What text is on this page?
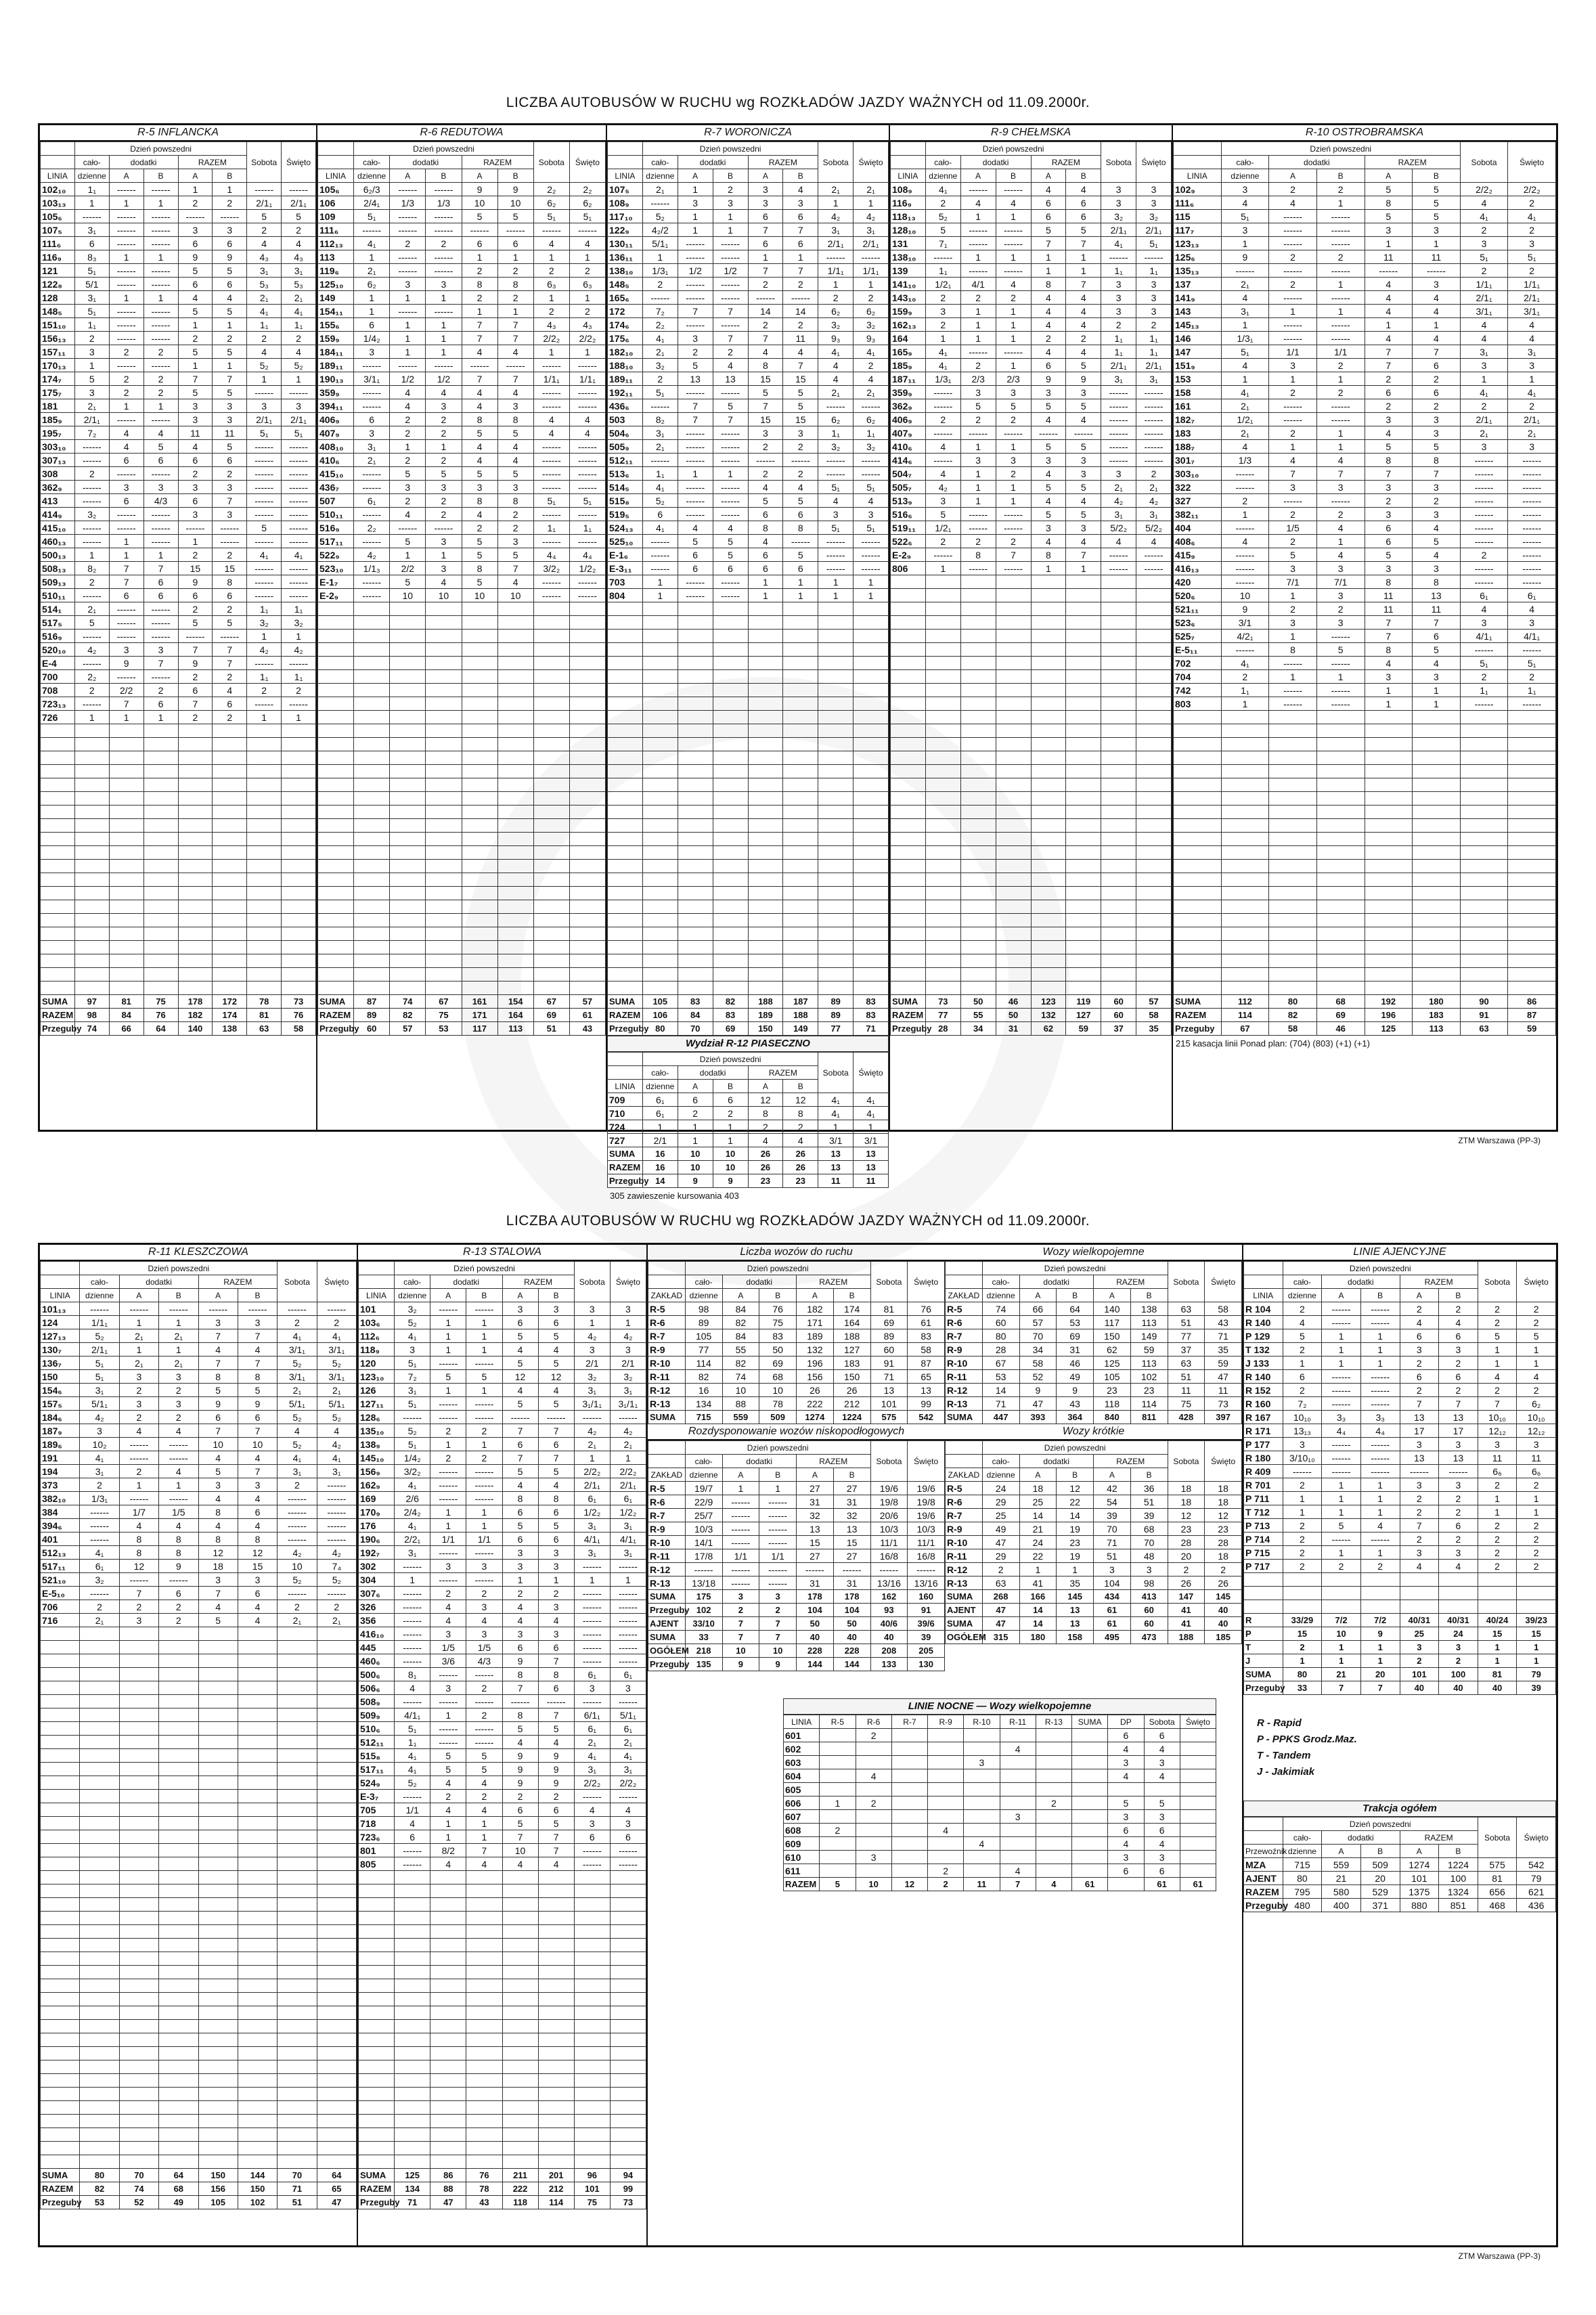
LICZBA AUTOBUSÓW W RUCHU wg ROZKŁADÓW JAZDY WAŻNYCH od 11.09.2000r.
R-5 INFLANCKA
	Dzień powszedni					Sobota	Święto
	cało-	dodatki		RAZEM			
LINIA	dzienne	A	B	A	B		
102₁₀	1₁	------	------	1	1	------	------
103₁₃	1	1	1	2	2	2/1₁	2/1₁
105₆	------	------	------	------	------	5	5
107₅	3₁	------	------	3	3	2	2
111₆	6	------	------	6	6	4	4
116₉	8₃	1	1	9	9	4₃	4₃
121	5₁	------	------	5	5	3₁	3₁
122₈	5/1	------	------	6	6	5₃	5₃
128	3₁	1	1	4	4	2₁	2₁
148₅	5₁	------	------	5	5	4₁	4₁
151₁₀	1₁	------	------	1	1	1₁	1₁
156₁₃	2	------	------	2	2	2	2
157₁₁	3	2	2	5	5	4	4
170₁₃	1	------	------	1	1	5₂	5₂
174₇	5	2	2	7	7	1	1
175₇	3	2	2	5	5	------	------
181	2₁	1	1	3	3	3	3
185₉	2/1₁	------	------	3	3	2/1₁	2/1₁
195₇	7₂	4	4	11	11	5₁	5₁
303₁₀	------	4	5	4	5	------	------
307₁₃	------	6	6	6	6	------	------
308	2	------	------	2	2	------	------
362₉	------	3	3	3	3	------	------
413	------	6	4/3	6	7	------	------
414₉	3₂	------	------	3	3	------	------
415₁₀	------	------	------	------	------	5	------
460₁₃	------	1	------	1	------	------	------
500₁₃	1	1	1	2	2	4₁	4₁
508₁₃	8₂	7	7	15	15	------	------
509₁₃	2	7	6	9	8	------	------
510₁₁	------	6	6	6	6	------	------
514₁	2₁	------	------	2	2	1₁	1₁
517₅	5	------	------	5	5	3₂	3₂
516₉	------	------	------	------	------	1	1
520₁₀	4₂	3	3	7	7	4₂	4₂
E-4	------	9	7	9	7	------	------
700	2₂	------	------	2	2	1₁	1₁
708	2	2/2	2	6	4	2	2
723₁₃	------	7	6	7	6	------	------
726	1	1	1	2	2	1	1

SUMA	97	81	75	178	172	78	73
RAZEM	98	84	76	182	174	81	76
Przeguby	74	66	64	140	138	63	58
R-6 REDUTOWA
	Dzień powszedni					Sobota	Święto
	cało-	dodatki		RAZEM			
LINIA	dzienne	A	B	A	B		
105₆	6₂/3	------	------	9	9	2₂	2₂
106	2/4₁	1/3	1/3	10	10	6₂	6₂
109	5₁	------	------	5	5	5₁	5₁
111₆	------	------	------	------	------	------	------
112₁₃	4₁	2	2	6	6	4	4
113	1	------	------	1	1	1	1
119₆	2₁	------	------	2	2	2	2
125₁₀	6₂	3	3	8	8	6₃	6₃
149	1	1	1	2	2	1	1
154₁₁	1	------	------	1	1	2	2
155₆	6	1	1	7	7	4₃	4₃
159₉	1/4₂	1	1	7	7	2/2₂	2/2₂
184₁₁	3	1	1	4	4	1	1
189₁₁	------	------	------	------	------	------	------
190₁₃	3/1₁	1/2	1/2	7	7	1/1₁	1/1₁
359₉	------	4	4	4	4	------	------
394₁₁	------	4	3	4	3	------	------
406₉	6	2	2	8	8	4	4
407₉	3	2	2	5	5	4	4
408₁₀	3₁	1	1	4	4	------	------
410₆	2₁	2	2	4	4	------	------
415₁₀	------	5	5	5	5	------	------
436₇	------	3	3	3	3	------	------
507	6₁	2	2	8	8	5₁	5₁
510₁₁	------	4	2	4	2	------	------
516₉	2₂	------	------	2	2	1₁	1₁
517₁₁	------	5	3	5	3	------	------
522₉	4₂	1	1	5	5	4₄	4₄
523₁₀	1/1₃	2/2	3	8	7	3/2₂	1/2₂
E-1₇	------	5	4	5	4	------	------
E-2₉	------	10	10	10	10	------	------

SUMA	87	74	67	161	154	67	57
RAZEM	89	82	75	171	164	69	61
Przeguby	60	57	53	117	113	51	43
R-7 WORONICZA
	Dzień powszedni					Sobota	Święto
	cało-	dodatki		RAZEM			
LINIA	dzienne	A	B	A	B		
107₅	2₁	1	2	3	4	2₁	2₁
108₉	------	3	3	3	3	1	1
117₁₀	5₂	1	1	6	6	4₂	4₂
122₉	4₂/2	1	1	7	7	3₁	3₁
130₁₁	5/1₁	------	------	6	6	2/1₁	2/1₁
136₁₁	1	------	------	1	1	------	------
138₁₀	1/3₁	1/2	1/2	7	7	1/1₁	1/1₁
148₅	2	------	------	2	2	1	1
165₆	------	------	------	------	------	2	2
172	7₂	7	7	14	14	6₂	6₂
174₆	2₂	------	------	2	2	3₂	3₂
175₆	4₁	3	7	7	11	9₃	9₃
182₁₀	2₁	2	2	4	4	4₁	4₁
188₁₀	3₂	5	4	8	7	4	2
189₁₁	2	13	13	15	15	4	4
192₁₁	5₁	------	------	5	5	2₁	2₁
436₆	------	7	5	7	5	------	------
503	8₂	7	7	15	15	6₂	6₂
504₆	3₁	------	------	3	3	1₁	1₁
505₉	2₁	------	------	2	2	3₂	3₂
512₁₁	------	------	------	------	------	------	------
513₆	1₁	1	1	2	2	------	------
514₅	4₁	------	------	4	4	5₁	5₁
515₈	5₂	------	------	5	5	4	4
519₅	6	------	------	6	6	3	3
524₁₃	4₁	4	4	8	8	5₁	5₁
525₁₀	------	5	5	4	------	------	------
E-1₆	------	6	5	6	5	------	------
E-3₁₁	------	6	6	6	6	------	------
703	1	------	------	1	1	1	1
804	1	------	------	1	1	1	1

SUMA	105	83	82	188	187	89	83
RAZEM	106	84	83	189	188	89	83
Przeguby	80	70	69	150	149	77	71
Wydział R-12 PIASECZNO
	Dzień powszedni					Sobota	Święto
	cało-	dodatki		RAZEM			
LINIA	dzienne	A	B	A	B		
709	6₁	6	6	12	12	4₁	4₁
710	6₁	2	2	8	8	4₁	4₁
724	1	1	1	2	2	1	1
727	2/1	1	1	4	4	3/1	3/1
SUMA	16	10	10	26	26	13	13
RAZEM	16	10	10	26	26	13	13
Przeguby	14	9	9	23	23	11	11
305 zawieszenie kursowania 403
R-9 CHEŁMSKA
	Dzień powszedni					Sobota	Święto
	cało-	dodatki		RAZEM			
LINIA	dzienne	A	B	A	B		
108₉	4₁	------	------	4	4	3	3
116₉	2	4	4	6	6	3	3
118₁₃	5₂	1	1	6	6	3₂	3₂
128₁₀	5	------	------	5	5	2/1₁	2/1₁
131	7₁	------	------	7	7	4₁	5₁
138₁₀	------	1	1	1	1	------	------
139	1₁	------	------	1	1	1₁	1₁
141₁₀	1/2₁	4/1	4	8	7	3	3
143₁₀	2	2	2	4	4	3	3
159₉	3	1	1	4	4	3	3
162₁₃	2	1	1	4	4	2	2
164	1	1	1	2	2	1₁	1₁
165₉	4₁	------	------	4	4	1₁	1₁
185₉	4₁	2	1	6	5	2/1₁	2/1₁
187₁₁	1/3₁	2/3	2/3	9	9	3₁	3₁
359₉	------	3	3	3	3	------	------
362₉	------	5	5	5	5	------	------
406₉	2	2	2	4	4	------	------
407₉	------	------	------	------	------	------	------
410₆	4	1	1	5	5	------	------
414₆	------	3	3	3	3	------	------
504₇	4	1	2	4	3	3	2
505₇	4₂	1	1	5	5	2₁	2₁
513₉	3	1	1	4	4	4₂	4₂
516₆	5	------	------	5	5	3₁	3₁
519₁₁	1/2₁	------	------	3	3	5/2₂	5/2₂
522₆	2	2	2	4	4	4	4
E-2₉	------	8	7	8	7	------	------
806	1	------	------	1	1	------	------

SUMA	73	50	46	123	119	60	57
RAZEM	77	55	50	132	127	60	58
Przeguby	28	34	31	62	59	37	35
R-10 OSTROBRAMSKA
	Dzień powszedni					Sobota	Święto
	cało-	dodatki		RAZEM			
LINIA	dzienne	A	B	A	B		
102₉	3	2	2	5	5	2/2₂	2/2₂
111₆	4	4	1	8	5	4	2
115	5₁	------	------	5	5	4₁	4₁
117₇	3	------	------	3	3	2	2
123₁₃	1	------	------	1	1	3	3
125₆	9	2	2	11	11	5₁	5₁
135₁₃	------	------	------	------	------	2	2
137	2₁	2	1	4	3	1/1₁	1/1₁
141₉	4	------	------	4	4	2/1₁	2/1₁
143	3₁	1	1	4	4	3/1₁	3/1₁
145₁₃	1	------	------	1	1	4	4
146	1/3₁	------	------	4	4	4	4
147	5₁	1/1	1/1	7	7	3₁	3₁
151₉	4	3	2	7	6	3	3
153	1	1	1	2	2	1	1
158	4₁	2	2	6	6	4₁	4₁
161	2₁	------	------	2	2	2	2
182₇	1/2₁	------	------	3	3	2/1₁	2/1₁
183	2₁	2	1	4	3	2₁	2₁
188₇	4	1	1	5	5	3	3
301₇	1/3	4	4	8	8	------	------
303₁₀	------	7	7	7	7	------	------
322	------	3	3	3	3	------	------
327	2	------	------	2	2	------	------
382₁₁	1	2	2	3	3	------	------
404	------	1/5	4	6	4	------	------
408₆	4	2	1	6	5	------	------
415₉	------	5	4	5	4	2	------
416₁₃	------	3	3	3	3	------	------
420	------	7/1	7/1	8	8	------	------
520₆	10	1	3	11	13	6₁	6₁
521₁₁	9	2	2	11	11	4	4
523₆	3/1	3	3	7	7	3	3
525₇	4/2₁	1	------	7	6	4/1₁	4/1₁
E-5₁₁	------	8	5	8	5	------	------
702	4₁	------	------	4	4	5₁	5₁
704	2	1	1	3	3	2	2
742	1₁	------	------	1	1	1₁	1₁
803	1	------	------	1	1	------	------

SUMA	112	80	68	192	180	90	86
RAZEM	114	82	69	196	183	91	87
Przeguby	67	58	46	125	113	63	59
215 kasacja linii Ponad plan: (704) (803) (+1) (+1)
ZTM Warszawa (PP-3)
LICZBA AUTOBUSÓW W RUCHU wg ROZKŁADÓW JAZDY WAŻNYCH od 11.09.2000r.
R-11 KLESZCZOWA
	Dzień powszedni					Sobota	Święto
	cało-	dodatki		RAZEM			
LINIA	dzienne	A	B	A	B		
101₁₃	------	------	------	------	------	------	------
124	1/1₁	1	1	3	3	2	2
127₁₃	5₂	2₁	2₁	7	7	4₁	4₁
130₇	2/1₁	1	1	4	4	3/1₁	3/1₁
136₇	5₁	2₁	2₁	7	7	5₂	5₂
150	5₁	3	3	8	8	3/1₁	3/1₁
154₆	3₁	2	2	5	5	2₁	2₁
157₅	5/1₁	3	3	9	9	5/1₁	5/1₁
184₆	4₂	2	2	6	6	5₂	5₂
187₉	3	4	4	7	7	4	4
189₆	10₂	------	------	10	10	5₂	4₂
191	4₁	------	------	4	4	4₁	4₁
194	3₁	2	4	5	7	3₁	3₁
373	2	1	1	3	3	2	------
382₁₀	1/3₁	------	------	4	4	------	------
384	------	1/7	1/5	8	6	------	------
394₆	------	4	4	4	4	------	------
401	------	8	8	8	8	------	------
512₁₃	4₁	8	8	12	12	4₂	4₂
517₁₁	6₁	12	9	18	15	10	7₄
521₁₀	3₂	------	------	3	3	5₂	5₂
E-5₁₀	------	7	6	7	6	------	------
706	2	2	2	4	4	2	2
716	2₁	3	2	5	4	2₁	2₁

SUMA	80	70	64	150	144	70	64
RAZEM	82	74	68	156	150	71	65
Przeguby	53	52	49	105	102	51	47
R-13 STALOWA
	Dzień powszedni					Sobota	Święto
	cało-	dodatki		RAZEM			
LINIA	dzienne	A	B	A	B		
101	3₂	------	------	3	3	3	3
103₆	5₂	1	1	6	6	1	1
112₆	4₁	1	1	5	5	4₂	4₂
118₉	3	1	1	4	4	3	3
120	5₁	------	------	5	5	2/1	2/1
123₁₀	7₂	5	5	12	12	3₂	3₂
126	3₁	1	1	4	4	3₁	3₁
127₁₁	5₁	------	------	5	5	3₁/1₁	3₁/1₁
128₆	------	------	------	------	------	------	------
135₁₀	5₂	2	2	7	7	4₂	4₂
138₉	5₁	1	1	6	6	2₁	2₁
145₁₀	1/4₂	2	2	7	7	1	1
156₉	3/2₂	------	------	5	5	2/2₂	2/2₂
162₉	4₁	------	------	4	4	2/1₁	2/1₁
169	2/6	------	------	8	8	6₁	6₁
170₉	2/4₂	1	1	6	6	1/2₂	1/2₂
176	4₁	1	1	5	5	3₁	3₁
190₆	2/2₁	1/1	1/1	6	6	4/1₁	4/1₁
192₇	3₁	------	------	3	3	3₁	3₁
302	------	3	3	3	3	------	------
304	1	------	------	1	1	1	1
307₆	------	2	2	2	2	------	------
326	------	4	3	4	3	------	------
356	------	4	4	4	4	------	------
416₁₀	------	3	3	3	3	------	------
445	------	1/5	1/5	6	6	------	------
460₆	------	3/6	4/3	9	7	------	------
500₆	8₁	------	------	8	8	6₁	6₁
506₆	4	3	2	7	6	3	3
508₉	------	------	------	------	------	------	------
509₉	4/1₁	1	2	8	7	6/1₁	5/1₁
510₆	5₁	------	------	5	5	6₁	6₁
512₁₁	1₁	------	------	4	4	2₁	2₁
515₈	4₁	5	5	9	9	4₁	4₁
517₁₁	4₁	5	5	9	9	3₁	3₁
524₉	5₂	4	4	9	9	2/2₂	2/2₂
E-3₇	------	2	2	2	2	------	------
705	1/1	4	4	6	6	4	4
718	4	1	1	5	5	3	3
723₆	6	1	1	7	7	6	6
801	------	8/2	7	10	7	------	------
805	------	4	4	4	4	------	------

SUMA	125	86	76	211	201	96	94
RAZEM	134	88	78	222	212	101	99
Przeguby	71	47	43	118	114	75	73
Liczba wozów do ruchu
	Dzień powszedni					Sobota	Święto
	cało-	dodatki		RAZEM			
ZAKŁAD	dzienne	A	B	A	B		
R-5	98	84	76	182	174	81	76
R-6	89	82	75	171	164	69	61
R-7	105	84	83	189	188	89	83
R-9	77	55	50	132	127	60	58
R-10	114	82	69	196	183	91	87
R-11	82	74	68	156	150	71	65
R-12	16	10	10	26	26	13	13
R-13	134	88	78	222	212	101	99
SUMA	715	559	509	1274	1224	575	542
Wozy wielkopojemne
	Dzień powszedni					Sobota	Święto
	cało-	dodatki		RAZEM			
ZAKŁAD	dzienne	A	B	A	B		
R-5	74	66	64	140	138	63	58
R-6	60	57	53	117	113	51	43
R-7	80	70	69	150	149	77	71
R-9	28	34	31	62	59	37	35
R-10	67	58	46	125	113	63	59
R-11	53	52	49	105	102	51	47
R-12	14	9	9	23	23	11	11
R-13	71	47	43	118	114	75	73
SUMA	447	393	364	840	811	428	397
Rozdysponowanie wozów niskopodłogowych
	Dzień powszedni					Sobota	Święto
	cało-	dodatki		RAZEM			
ZAKŁAD	dzienne	A	B	A	B		
R-5	19/7	1	1	27	27	19/6	19/6
R-6	22/9	------	------	31	31	19/8	19/8
R-7	25/7	------	------	32	32	20/6	19/6
R-9	10/3	------	------	13	13	10/3	10/3
R-10	14/1	------	------	15	15	11/1	11/1
R-11	17/8	1/1	1/1	27	27	16/8	16/8
R-12	------	------	------	------	------	------	------
R-13	13/18	------	------	31	31	13/16	13/16
SUMA	175	3	3	178	178	162	160
Przeguby	102	2	2	104	104	93	91
AJENT	33/10	7	7	50	50	40/6	39/6
SUMA	33	7	7	40	40	40	39
OGÓŁEM	218	10	10	228	228	208	205
Przeguby	135	9	9	144	144	133	130
Wozy krótkie
	Dzień powszedni					Sobota	Święto
	cało-	dodatki		RAZEM			
ZAKŁAD	dzienne	A	B	A	B		
R-5	24	18	12	42	36	18	18
R-6	29	25	22	54	51	18	18
R-7	25	14	14	39	39	12	12
R-9	49	21	19	70	68	23	23
R-10	47	24	23	71	70	28	28
R-11	29	22	19	51	48	20	18
R-12	2	1	1	3	3	2	2
R-13	63	41	35	104	98	26	26
SUMA	268	166	145	434	413	147	145
AJENT	47	14	13	61	60	41	40
SUMA	47	14	13	61	60	41	40
OGÓŁEM	315	180	158	495	473	188	185
LINIE NOCNE — Wozy wielkopojemne
LINIA	R-5	R-6	R-7	R-9	R-10	R-11	R-13	SUMA	DP	Sobota	Święto
601		2							6	6	
602						4			4	4	
603					3				3	3	
604		4							4	4	
605											
606	1	2					2		5	5	
607						3			3	3	
608	2			4					6	6	
609					4				4	4	
610		3							3	3	
611				2		4			6	6	
RAZEM	5	10	12	2	11	7	4	61		61	61
LINIE AJENCYJNE
	Dzień powszedni					Sobota	Święto
	cało-	dodatki		RAZEM			
LINIA	dzienne	A	B	A	B		
R 104	2	------	------	2	2	2	2
R 140	4	------	------	4	4	2	2
P 129	5	1	1	6	6	5	5
T 132	2	1	1	3	3	1	1
J 133	1	1	1	2	2	1	1
R 140	6	------	------	6	6	4	4
R 152	2	------	------	2	2	2	2
R 160	7₂	------	------	7	7	7	6₂
R 167	10₁₀	3₃	3₃	13	13	10₁₀	10₁₀
R 171	13₁₃	4₄	4₄	17	17	12₁₂	12₁₂
P 177	3	------	------	3	3	3	3
R 180	3/10₁₀	------	------	13	13	11	11
R 409	------	------	------	------	------	6₆	6₆
R 701	2	1	1	3	3	2	2
P 711	1	1	1	2	2	1	1
T 712	1	1	1	2	2	1	1
P 713	2	5	4	7	6	2	2
P 714	2	------	------	2	2	2	2
P 715	2	1	1	3	3	2	2
P 717	2	2	2	4	4	2	2

R	33/29	7/2	7/2	40/31	40/31	40/24	39/23
P	15	10	9	25	24	15	15
T	2	1	1	3	3	1	1
J	1	1	1	2	2	1	1
SUMA	80	21	20	101	100	81	79
Przeguby	33	7	7	40	40	40	39
R - Rapid
P - PPKS Grodz.Maz.
T - Tandem
J - Jakimiak
Trakcja ogółem
	Dzień powszedni					Sobota	Święto
	cało-	dodatki		RAZEM			
Przewoźnik	dzienne	A	B	A	B		
MZA	715	559	509	1274	1224	575	542
AJENT	80	21	20	101	100	81	79
RAZEM	795	580	529	1375	1324	656	621
Przeguby	480	400	371	880	851	468	436
ZTM Warszawa (PP-3)
